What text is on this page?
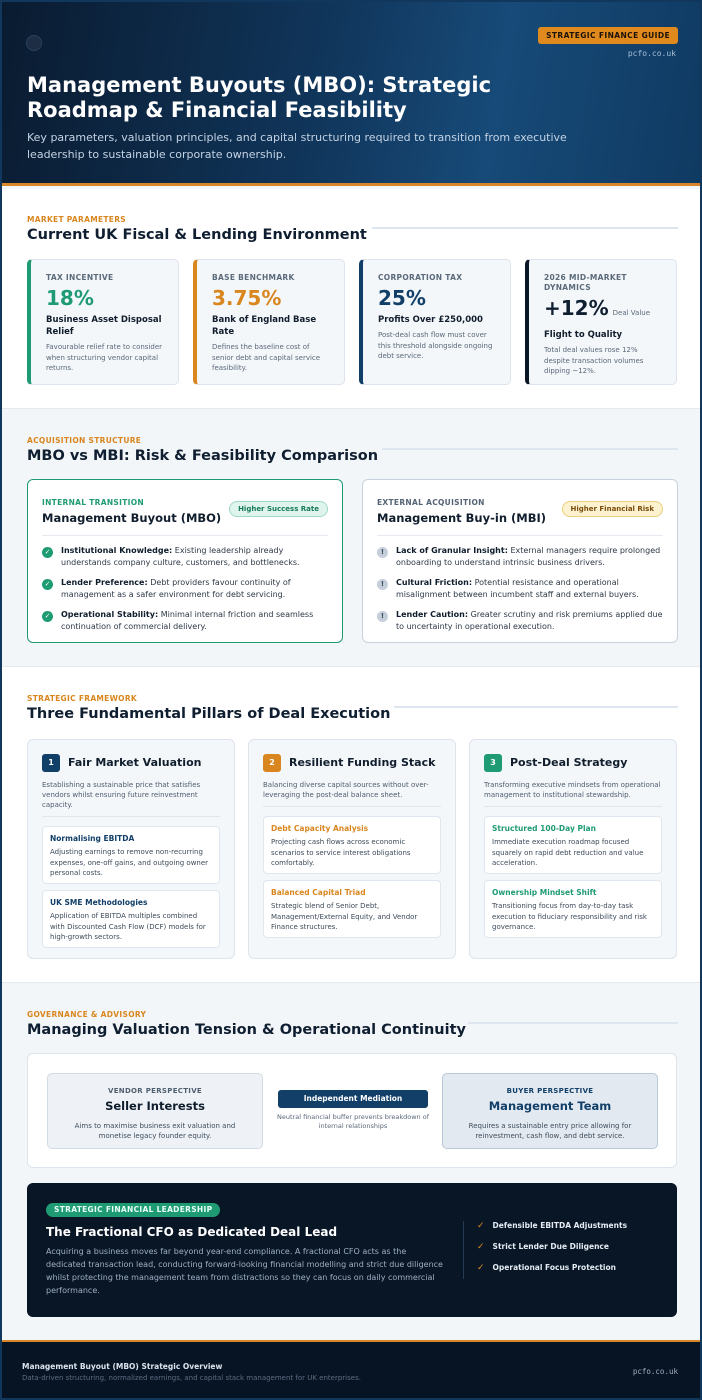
STRATEGIC FINANCE GUIDE
pcfo.co.uk
Management Buyouts (MBO): Strategic Roadmap & Financial Feasibility

Key parameters, valuation principles, and capital structuring required to transition from executive leadership to sustainable corporate ownership.

MARKET PARAMETERS
Current UK Fiscal & Lending Environment
TAX INCENTIVE
18%
Business Asset Disposal Relief
Favourable relief rate to consider when structuring vendor capital returns.
BASE BENCHMARK
3.75%
Bank of England Base Rate
Defines the baseline cost of senior debt and capital service feasibility.
CORPORATION TAX
25%
Profits Over £250,000
Post-deal cash flow must cover this threshold alongside ongoing debt service.
2026 MID-MARKET DYNAMICS
+12% Deal Value
Flight to Quality
Total deal values rose 12% despite transaction volumes dipping ~12%.
ACQUISITION STRUCTURE
MBO vs MBI: Risk & Feasibility Comparison
INTERNAL TRANSITION
Management Buyout (MBO)
Higher Success Rate
✓	Institutional Knowledge: Existing leadership already understands company culture, customers, and bottlenecks.
✓	Lender Preference: Debt providers favour continuity of management as a safer environment for debt servicing.
✓	Operational Stability: Minimal internal friction and seamless continuation of commercial delivery.
EXTERNAL ACQUISITION
Management Buy-in (MBI)
Higher Financial Risk
!	Lack of Granular Insight: External managers require prolonged onboarding to understand intrinsic business drivers.
!	Cultural Friction: Potential resistance and operational misalignment between incumbent staff and external buyers.
!	Lender Caution: Greater scrutiny and risk premiums applied due to uncertainty in operational execution.
STRATEGIC FRAMEWORK
Three Fundamental Pillars of Deal Execution
1	Fair Market Valuation
Establishing a sustainable price that satisfies vendors whilst ensuring future reinvestment capacity.
Normalising EBITDA
Adjusting earnings to remove non-recurring expenses, one-off gains, and outgoing owner personal costs.
UK SME Methodologies
Application of EBITDA multiples combined with Discounted Cash Flow (DCF) models for high-growth sectors.
2	Resilient Funding Stack
Balancing diverse capital sources without over-leveraging the post-deal balance sheet.
Debt Capacity Analysis
Projecting cash flows across economic scenarios to service interest obligations comfortably.
Balanced Capital Triad
Strategic blend of Senior Debt, Management/External Equity, and Vendor Finance structures.
3	Post-Deal Strategy
Transforming executive mindsets from operational management to institutional stewardship.
Structured 100-Day Plan
Immediate execution roadmap focused squarely on rapid debt reduction and value acceleration.
Ownership Mindset Shift
Transitioning focus from day-to-day task execution to fiduciary responsibility and risk governance.
GOVERNANCE & ADVISORY
Managing Valuation Tension & Operational Continuity
VENDOR PERSPECTIVE
Seller Interests
Aims to maximise business exit valuation and monetise legacy founder equity.
Independent Mediation
Neutral financial buffer prevents breakdown of internal relationships
BUYER PERSPECTIVE
Management Team
Requires a sustainable entry price allowing for reinvestment, cash flow, and debt service.
STRATEGIC FINANCIAL LEADERSHIP
The Fractional CFO as Dedicated Deal Lead
Acquiring a business moves far beyond year-end compliance. A fractional CFO acts as the dedicated transaction lead, conducting forward-looking financial modelling and strict due diligence whilst protecting the management team from distractions so they can focus on daily commercial performance.
✓ Defensible EBITDA Adjustments
✓ Strict Lender Due Diligence
✓ Operational Focus Protection
Management Buyout (MBO) Strategic Overview
Data-driven structuring, normalized earnings, and capital stack management for UK enterprises.
pcfo.co.uk
